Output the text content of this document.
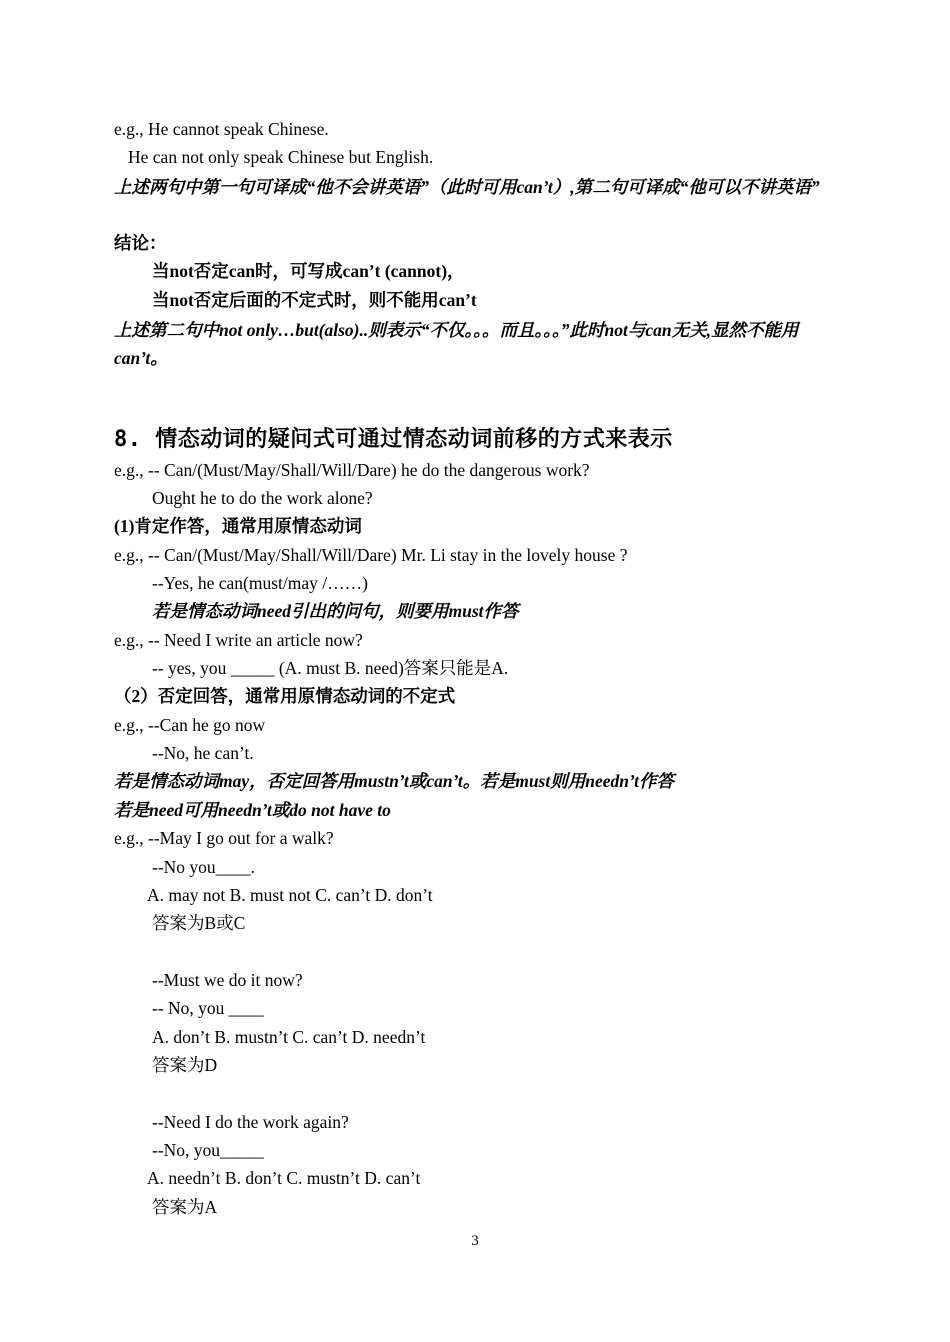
e.g., He cannot speak Chinese.
He can not only speak Chinese but English.
上述两句中第一句可译成“他不会讲英语”（此时可用can’t）,第二句可译成“他可以不讲英语”
结论：
当not否定can时，可写成can’t (cannot)，
当not否定后面的不定式时，则不能用can’t
上述第二句中not only…but(also)..则表示“不仅。。。而且。。。”此时not与can无关,显然不能用can’t。
8. 情态动词的疑问式可通过情态动词前移的方式来表示
e.g., -- Can/(Must/May/Shall/Will/Dare) he do the dangerous work?
Ought he to do the work alone?
(1)肯定作答，通常用原情态动词
e.g., -- Can/(Must/May/Shall/Will/Dare) Mr. Li stay in the lovely house ?
--Yes, he can(must/may /……)
若是情态动词need引出的问句，则要用must作答
e.g., -- Need I write an article now?
-- yes, you _____ (A. must B. need)答案只能是A.
（2）否定回答，通常用原情态动词的不定式
e.g., --Can he go now
--No, he can’t.
若是情态动词may，否定回答用mustn’t或can’t。若是must则用needn’t作答
若是need可用needn’t或do not have to
e.g., --May I go out for a walk?
--No you____.
A. may not B. must not C. can’t D. don’t
答案为B或C
--Must we do it now?
-- No, you ____
A. don’t B. mustn’t C. can’t D. needn’t
答案为D
--Need I do the work again?
--No, you_____
A. needn’t B. don’t C. mustn’t D. can’t
答案为A
3
